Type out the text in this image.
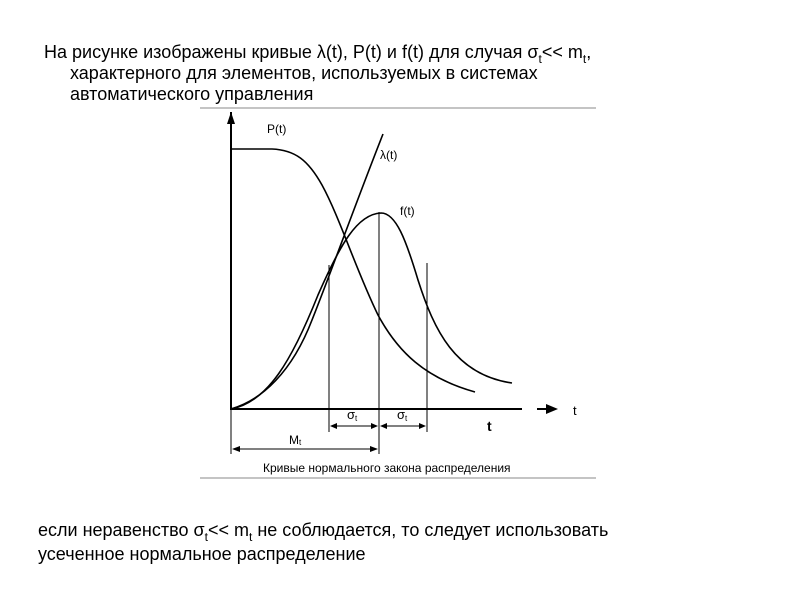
На рисунке изображены кривые λ(t), P(t) и f(t) для случая $\sigma_t<< m_t$,
характерного для элементов, используемых в системах
автоматического управления
P(t)
λ(t)
f(t)
t
t
σt	σt
Mt
Кривые нормального закона распределения
если неравенство $\sigma_t<< m_t$ не соблюдается, то следует использовать
усеченное нормальное распределение
